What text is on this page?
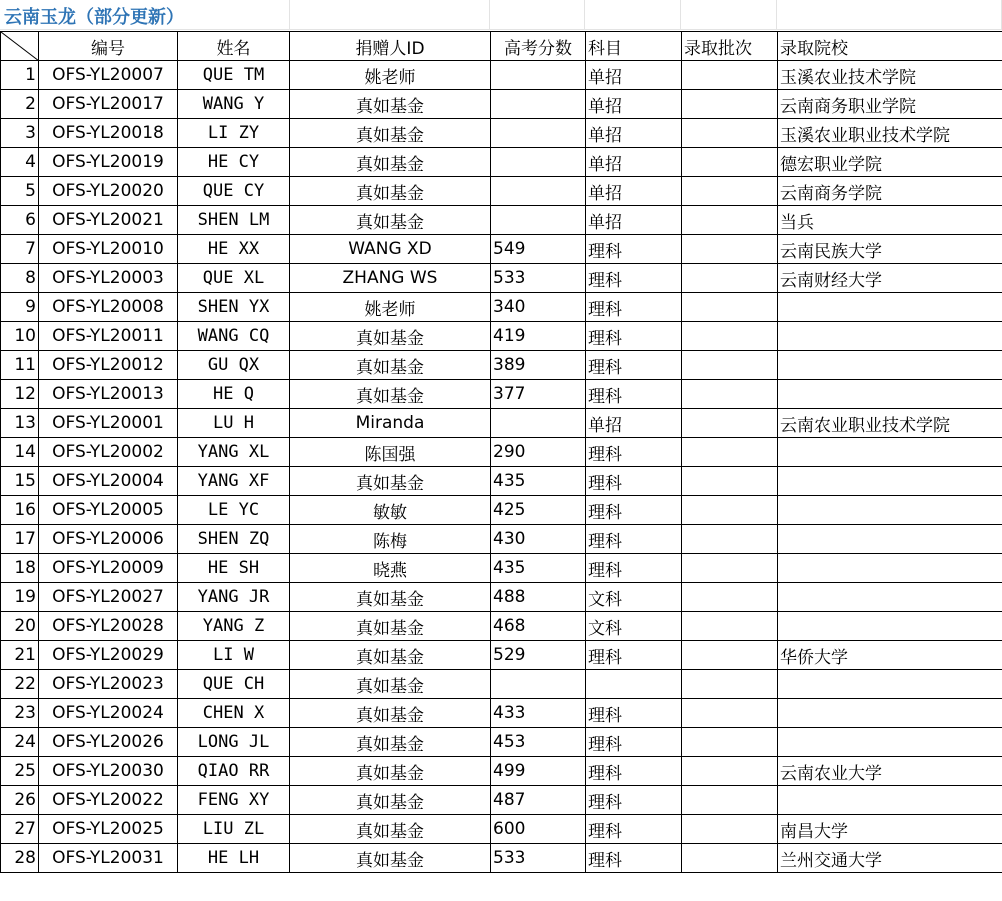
云南玉龙（部分更新）
	编号	姓名	捐赠人ID	高考分数	科目	录取批次	录取院校
1	OFS-YL20007	QUE TM	姚老师		单招		玉溪农业技术学院
2	OFS-YL20017	WANG Y	真如基金		单招		云南商务职业学院
3	OFS-YL20018	LI ZY	真如基金		单招		玉溪农业职业技术学院
4	OFS-YL20019	HE CY	真如基金		单招		德宏职业学院
5	OFS-YL20020	QUE CY	真如基金		单招		云南商务学院
6	OFS-YL20021	SHEN LM	真如基金		单招		当兵
7	OFS-YL20010	HE XX	WANG XD	549	理科		云南民族大学
8	OFS-YL20003	QUE XL	ZHANG WS	533	理科		云南财经大学
9	OFS-YL20008	SHEN YX	姚老师	340	理科		
10	OFS-YL20011	WANG CQ	真如基金	419	理科		
11	OFS-YL20012	GU QX	真如基金	389	理科		
12	OFS-YL20013	HE Q	真如基金	377	理科		
13	OFS-YL20001	LU H	Miranda		单招		云南农业职业技术学院
14	OFS-YL20002	YANG XL	陈国强	290	理科		
15	OFS-YL20004	YANG XF	真如基金	435	理科		
16	OFS-YL20005	LE YC	敏敏	425	理科		
17	OFS-YL20006	SHEN ZQ	陈梅	430	理科		
18	OFS-YL20009	HE SH	晓燕	435	理科		
19	OFS-YL20027	YANG JR	真如基金	488	文科		
20	OFS-YL20028	YANG Z	真如基金	468	文科		
21	OFS-YL20029	LI W	真如基金	529	理科		华侨大学
22	OFS-YL20023	QUE CH	真如基金				
23	OFS-YL20024	CHEN X	真如基金	433	理科		
24	OFS-YL20026	LONG JL	真如基金	453	理科		
25	OFS-YL20030	QIAO RR	真如基金	499	理科		云南农业大学
26	OFS-YL20022	FENG XY	真如基金	487	理科		
27	OFS-YL20025	LIU ZL	真如基金	600	理科		南昌大学
28	OFS-YL20031	HE LH	真如基金	533	理科		兰州交通大学
